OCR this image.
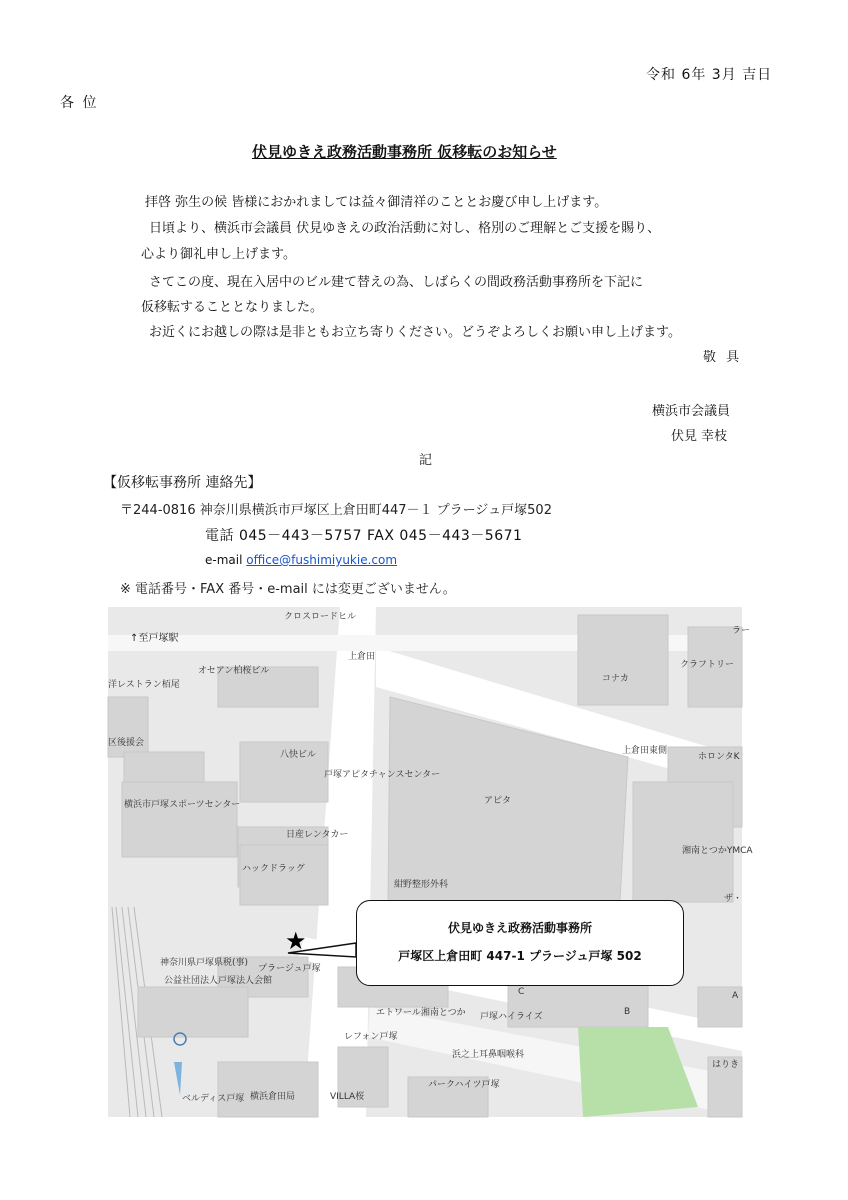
令和 6年 3月 吉日
各 位
伏見ゆきえ政務活動事務所 仮移転のお知らせ
拝啓 弥生の候 皆様におかれましては益々御清祥のこととお慶び申し上げます。
日頃より、横浜市会議員 伏見ゆきえの政治活動に対し、格別のご理解とご支援を賜り、
心より御礼申し上げます。
さてこの度、現在入居中のビル建て替えの為、しばらくの間政務活動事務所を下記に
仮移転することとなりました。
お近くにお越しの際は是非ともお立ち寄りください。どうぞよろしくお願い申し上げます。
敬 具
横浜市会議員
伏見 幸枝
記
【仮移転事務所 連絡先】
〒244-0816 神奈川県横浜市戸塚区上倉田町447－１ プラージュ戸塚502
電話 045－443－5757 FAX 045－443－5671
e-mail office@fushimiyukie.com
※ 電話番号・FAX 番号・e-mail には変更ございません。
↑至戸塚駅
クロスロードヒル
上倉田
オセアン柏桜ビル
洋レストラン栢尾
コナカ
クラフトリー
ラー
区後援会
八快ビル	上倉田東側
ホロンタK
戸塚アピタチャンスセンター
アピタ
横浜市戸塚スポーツセンター
日産レンタカー
湘南とつかYMCA
ハックドラッグ
紺野整形外科
ザ・
神奈川県戸塚県税(事)
プラージュ戸塚
公益社団法人戸塚法人会館
エトワール湘南とつか 戸塚ハイライズ
C
B
A
レフォン戸塚
浜之上耳鼻咽喉科
はりき
パークハイツ戸塚
ベルディス戸塚 横浜倉田局	VILLA桜
★	伏見ゆきえ政務活動事務所
戸塚区上倉田町 447-1 プラージュ戸塚 502
